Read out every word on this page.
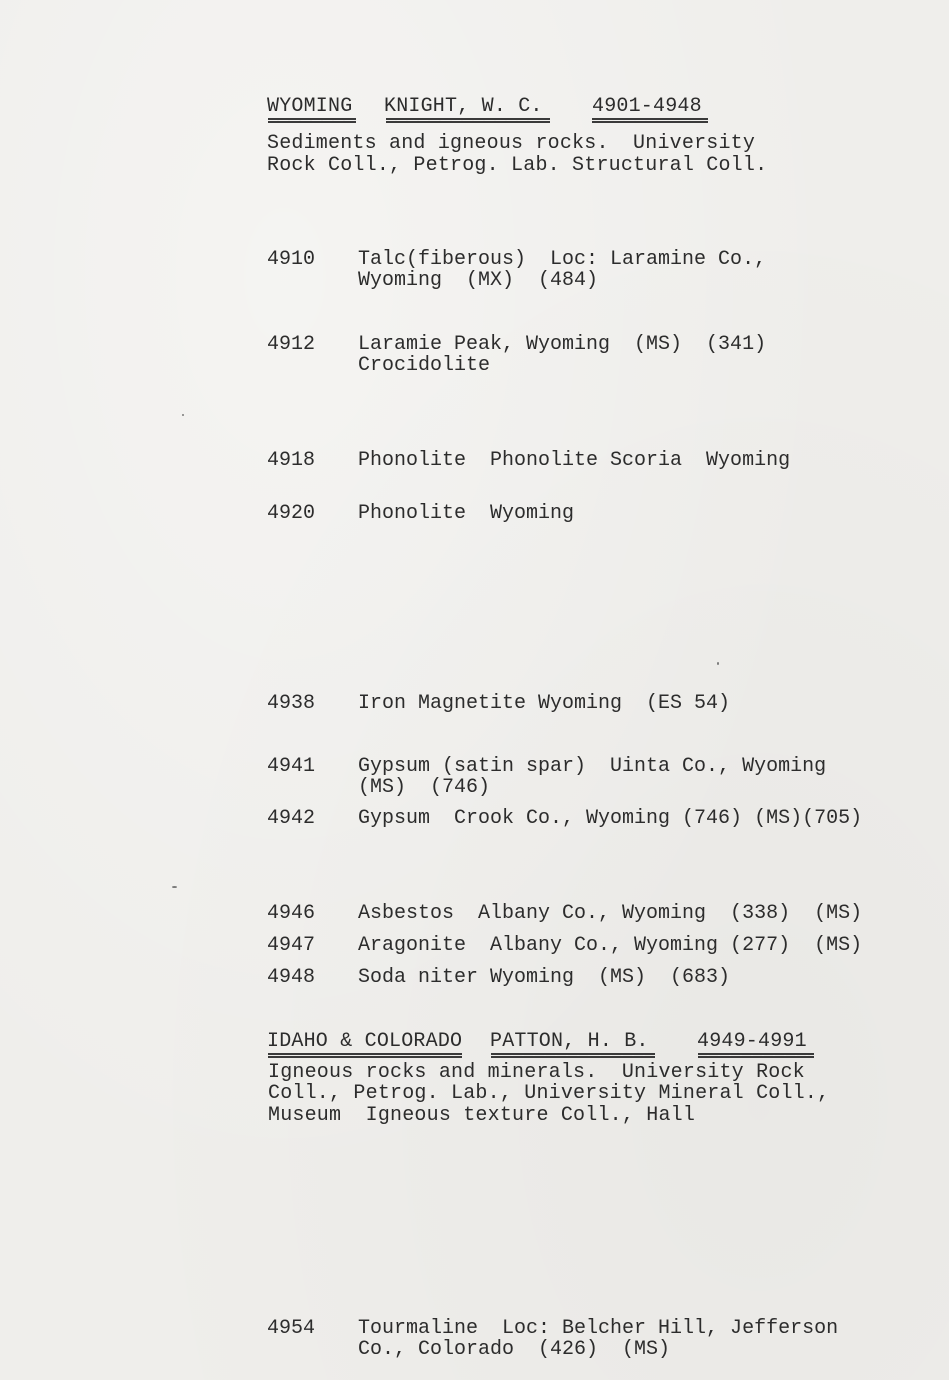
WYOMING KNIGHT, W. C. 4901-4948
Sediments and igneous rocks.  University
Rock Coll., Petrog. Lab. Structural Coll.
4910 Talc(fiberous)  Loc: Laramine Co.,
Wyoming  (MX)  (484)
4912 Laramie Peak, Wyoming  (MS)  (341)
Crocidolite
4918 Phonolite  Phonolite Scoria  Wyoming
4920 Phonolite  Wyoming
4938 Iron Magnetite Wyoming  (ES 54)
4941 Gypsum (satin spar)  Uinta Co., Wyoming
(MS)  (746)
4942 Gypsum  Crook Co., Wyoming (746) (MS)(705)
4946 Asbestos  Albany Co., Wyoming  (338)  (MS)
4947 Aragonite  Albany Co., Wyoming (277)  (MS)
4948 Soda niter Wyoming  (MS)  (683)
IDAHO & COLORADO PATTON, H. B. 4949-4991
Igneous rocks and minerals.  University Rock
Coll., Petrog. Lab., University Mineral Coll.,
Museum  Igneous texture Coll., Hall
4954 Tourmaline  Loc: Belcher Hill, Jefferson
Co., Colorado  (426)  (MS)
